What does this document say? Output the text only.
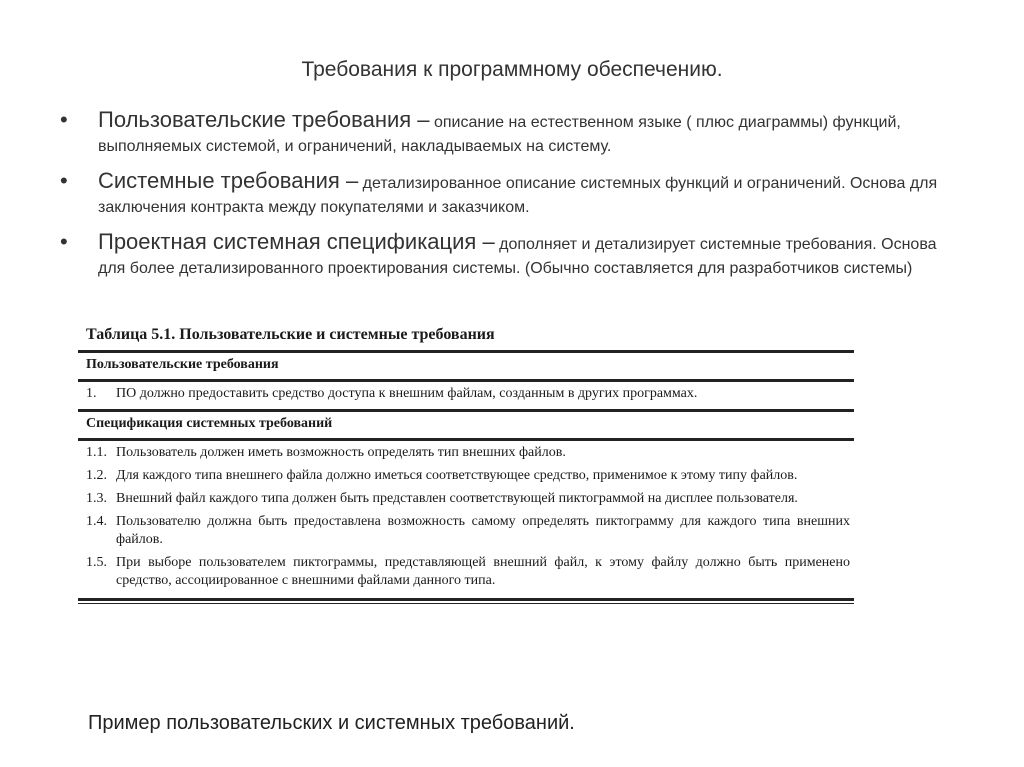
Требования к программному обеспечению.
• Пользовательские требования – описание на естественном языке ( плюс диаграммы) функций, выполняемых системой, и ограничений, накладываемых на систему.
• Системные требования – детализированное описание системных функций и ограничений. Основа для заключения контракта между покупателями и заказчиком.
• Проектная системная спецификация – дополняет и детализирует системные требования. Основа для более детализированного проектирования системы. (Обычно составляется для разработчиков системы)
Таблица 5.1. Пользовательские и системные требования
Пользовательские требования
1.	ПО должно предоставить средство доступа к внешним файлам, созданным в других программах.
Спецификация системных требований
1.1. Пользователь должен иметь возможность определять тип внешних файлов.
1.2. Для каждого типа внешнего файла должно иметься соответствующее средство, применимое к этому типу файлов.
1.3. Внешний файл каждого типа должен быть представлен соответствующей пиктограммой на дисплее пользователя.
1.4. Пользователю должна быть предоставлена возможность самому определять пиктограмму для каждого типа внешних файлов.
1.5. При выборе пользователем пиктограммы, представляющей внешний файл, к этому файлу должно быть применено средство, ассоциированное с внешними файлами данного типа.
Пример пользовательских и системных требований.
